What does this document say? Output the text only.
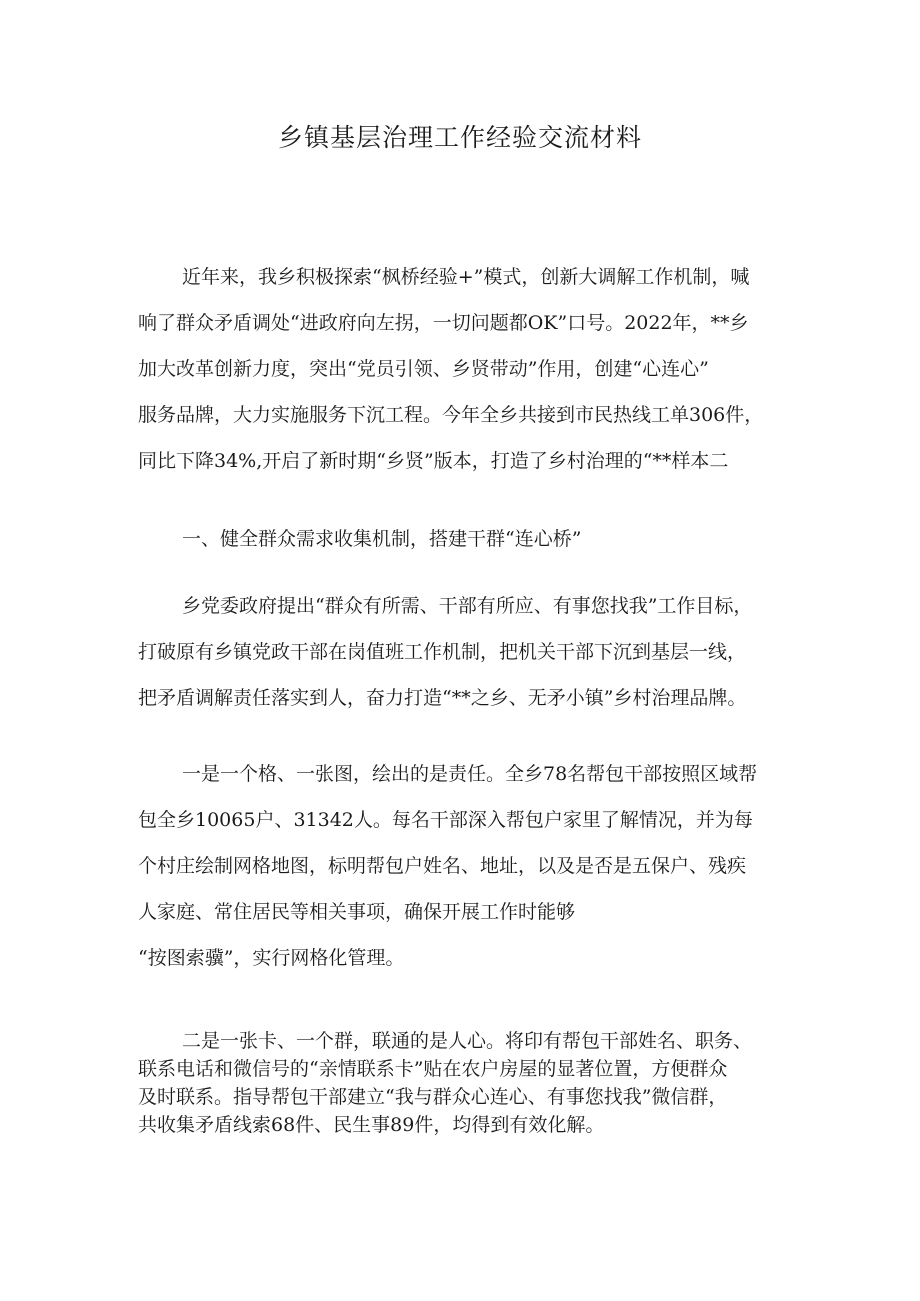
乡镇基层治理工作经验交流材料
近年来，我乡积极探索“枫桥经验+”模式，创新大调解工作机制，喊
响了群众矛盾调处“进政府向左拐，一切问题都OK”口号。2022年，**乡
加大改革创新力度，突出“党员引领、乡贤带动”作用，创建“心连心”
服务品牌，大力实施服务下沉工程。今年全乡共接到市民热线工单306件，
同比下降34%,开启了新时期“乡贤”版本，打造了乡村治理的“**样本二
一、健全群众需求收集机制，搭建干群“连心桥”
乡党委政府提出“群众有所需、干部有所应、有事您找我”工作目标，
打破原有乡镇党政干部在岗值班工作机制，把机关干部下沉到基层一线，
把矛盾调解责任落实到人，奋力打造“**之乡、无矛小镇”乡村治理品牌。
一是一个格、一张图，绘出的是责任。全乡78名帮包干部按照区域帮
包全乡10065户、31342人。每名干部深入帮包户家里了解情况，并为每
个村庄绘制网格地图，标明帮包户姓名、地址，以及是否是五保户、残疾
人家庭、常住居民等相关事项，确保开展工作时能够
“按图索骥”，实行网格化管理。
二是一张卡、一个群，联通的是人心。将印有帮包干部姓名、职务、
联系电话和微信号的“亲情联系卡”贴在农户房屋的显著位置，方便群众
及时联系。指导帮包干部建立“我与群众心连心、有事您找我”微信群，
共收集矛盾线索68件、民生事89件，均得到有效化解。
